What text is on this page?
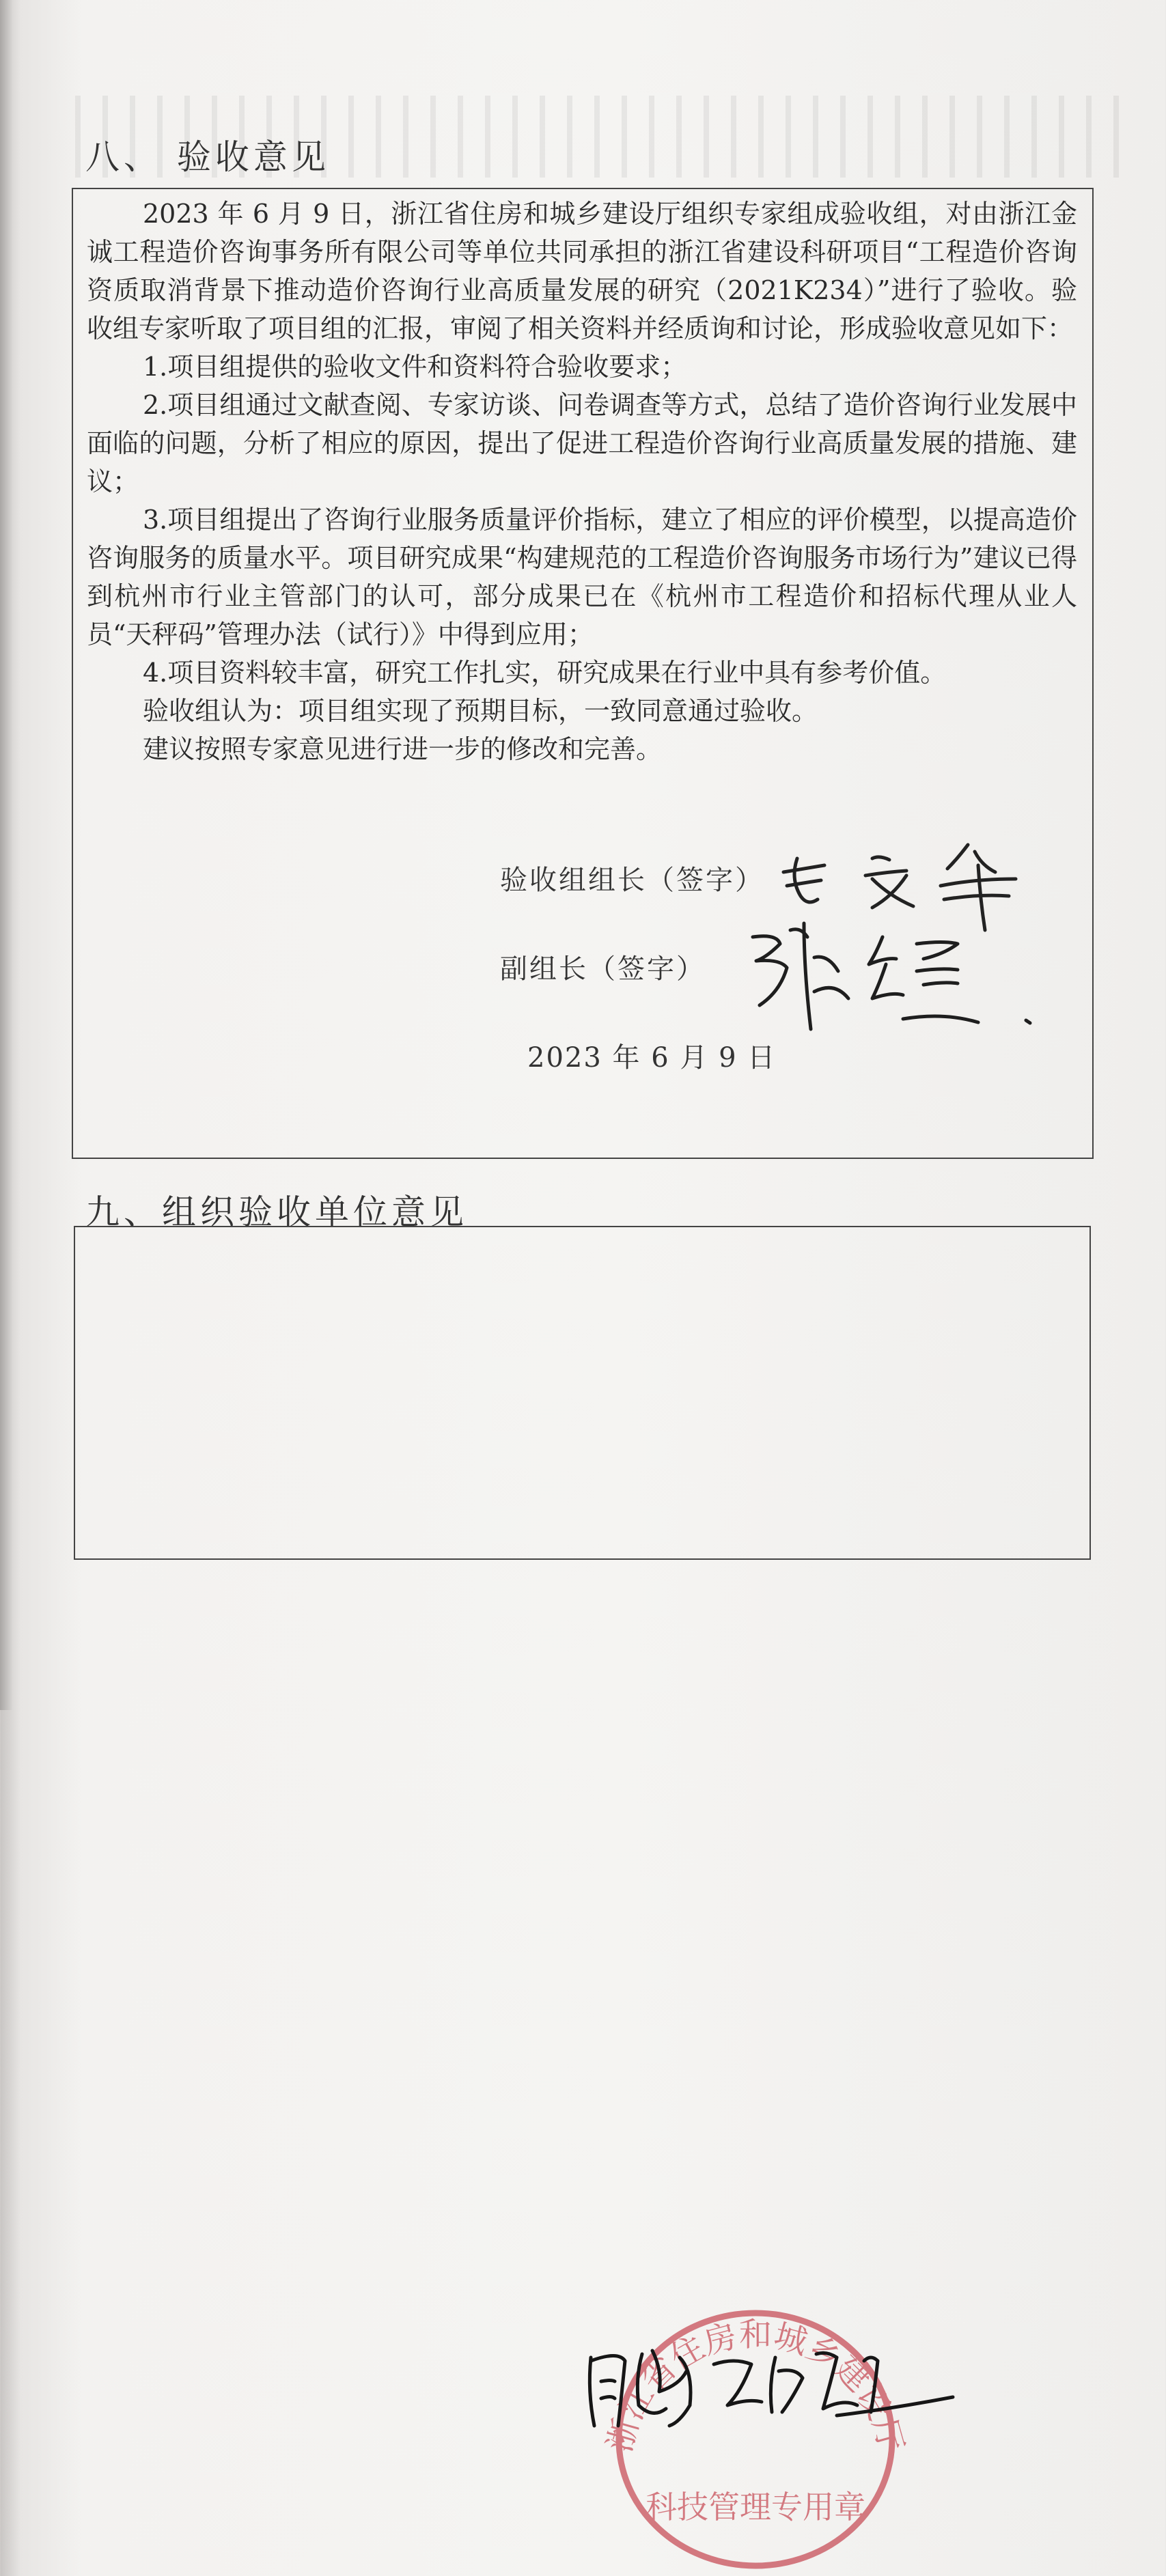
八、 验收意见

2023 年 6 月 9 日，浙江省住房和城乡建设厅组织专家组成验收组，对由浙江金诚工程造价咨询事务所有限公司等单位共同承担的浙江省建设科研项目“工程造价咨询资质取消背景下推动造价咨询行业高质量发展的研究（2021K234）”进行了验收。验收组专家听取了项目组的汇报，审阅了相关资料并经质询和讨论，形成验收意见如下：

1.项目组提供的验收文件和资料符合验收要求；

2.项目组通过文献查阅、专家访谈、问卷调查等方式，总结了造价咨询行业发展中面临的问题，分析了相应的原因，提出了促进工程造价咨询行业高质量发展的措施、建议；

3.项目组提出了咨询行业服务质量评价指标，建立了相应的评价模型，以提高造价咨询服务的质量水平。项目研究成果“构建规范的工程造价咨询服务市场行为”建议已得到杭州市行业主管部门的认可，部分成果已在《杭州市工程造价和招标代理从业人员“天秤码”管理办法（试行）》中得到应用；

4.项目资料较丰富，研究工作扎实，研究成果在行业中具有参考价值。

验收组认为：项目组实现了预期目标，一致同意通过验收。

建议按照专家意见进行进一步的修改和完善。

验收组组长（签字）
副组长（签字）
2023 年 6 月 9 日
九、组织验收单位意见
浙江省住房和城乡建设厅
科技管理专用章
